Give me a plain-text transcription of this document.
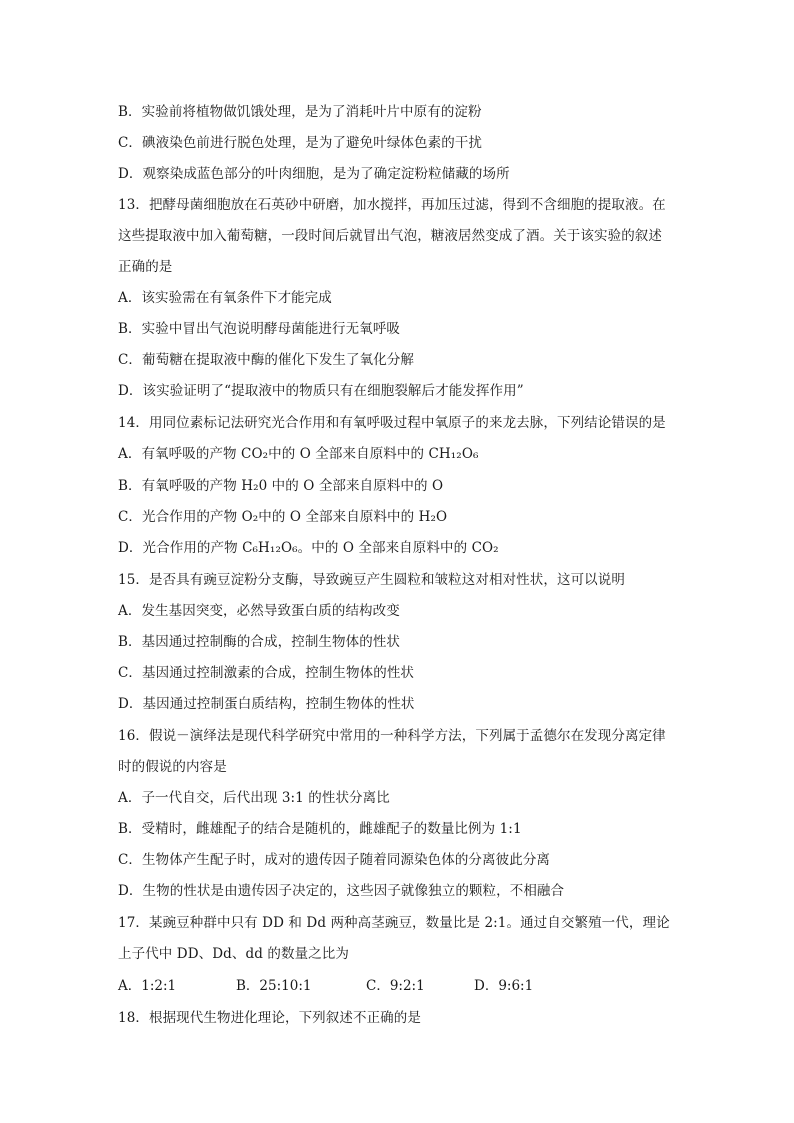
B．实验前将植物做饥饿处理，是为了消耗叶片中原有的淀粉
C．碘液染色前进行脱色处理，是为了避免叶绿体色素的干扰
D．观察染成蓝色部分的叶肉细胞，是为了确定淀粉粒储藏的场所
13．把酵母菌细胞放在石英砂中研磨，加水搅拌，再加压过滤，得到不含细胞的提取液。在
这些提取液中加入葡萄糖，一段时间后就冒出气泡，糖液居然变成了酒。关于该实验的叙述
正确的是
A．该实验需在有氧条件下才能完成
B．实验中冒出气泡说明酵母菌能进行无氧呼吸
C．葡萄糖在提取液中酶的催化下发生了氧化分解
D．该实验证明了“提取液中的物质只有在细胞裂解后才能发挥作用”
14．用同位素标记法研究光合作用和有氧呼吸过程中氧原子的来龙去脉，下列结论错误的是
A．有氧呼吸的产物 CO₂中的 O 全部来自原料中的 CH₁₂O₆
B．有氧呼吸的产物 H₂0 中的 O 全部来自原料中的 O
C．光合作用的产物 O₂中的 O 全部来自原料中的 H₂O
D．光合作用的产物 C₆H₁₂O₆。中的 O 全部来自原料中的 CO₂
15．是否具有豌豆淀粉分支酶，导致豌豆产生圆粒和皱粒这对相对性状，这可以说明
A．发生基因突变，必然导致蛋白质的结构改变
B．基因通过控制酶的合成，控制生物体的性状
C．基因通过控制激素的合成，控制生物体的性状
D．基因通过控制蛋白质结构，控制生物体的性状
16．假说－演绎法是现代科学研究中常用的一种科学方法，下列属于孟德尔在发现分离定律
时的假说的内容是
A．子一代自交，后代出现 3:1 的性状分离比
B．受精时，雌雄配子的结合是随机的，雌雄配子的数量比例为 1:1
C．生物体产生配子时，成对的遗传因子随着同源染色体的分离彼此分离
D．生物的性状是由遗传因子决定的，这些因子就像独立的颗粒，不相融合
17．某豌豆种群中只有 DD 和 Dd 两种高茎豌豆，数量比是 2:1。通过自交繁殖一代，理论
上子代中 DD、Dd、dd 的数量之比为
A．1:2:1	B．25:10:1	C．9:2:1	D．9:6:1
18．根据现代生物进化理论，下列叙述不正确的是
